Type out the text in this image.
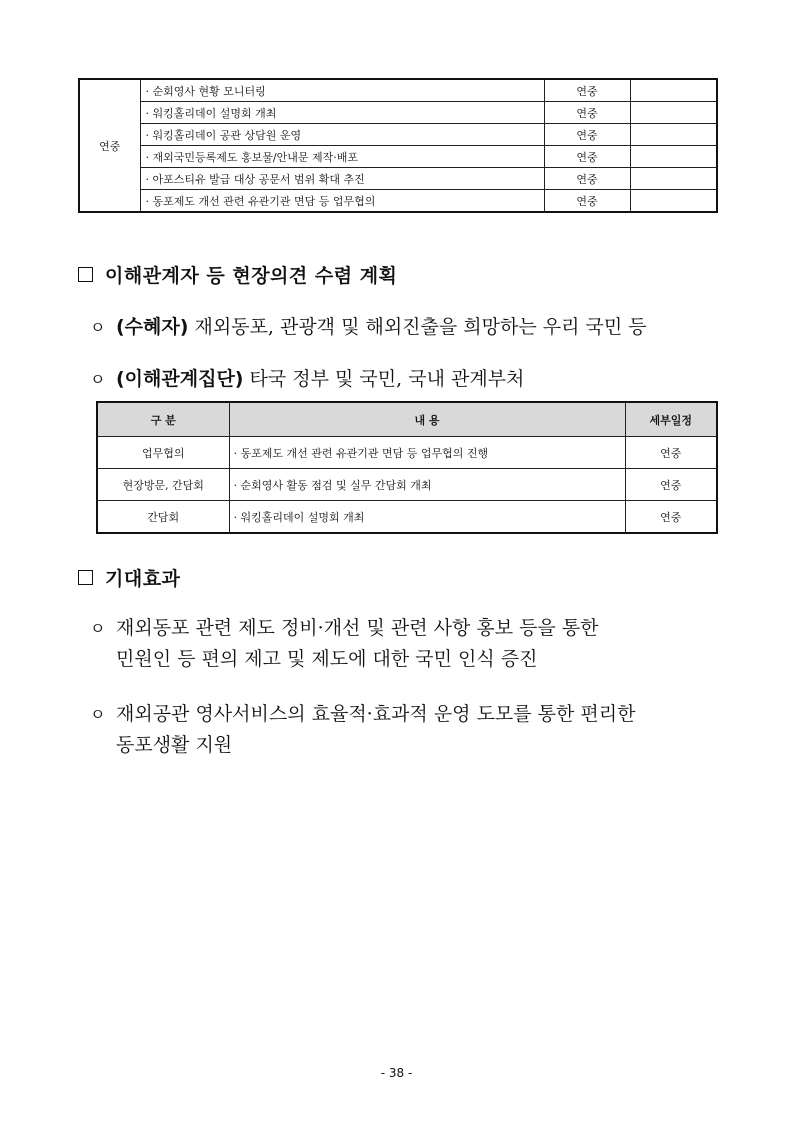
연중	· 순회영사 현황 모니터링	연중	
	· 워킹홀리데이 설명회 개최	연중	
	· 워킹홀리데이 공관 상담원 운영	연중	
	· 재외국민등록제도 홍보물/안내문 제작·배포	연중	
	· 아포스티유 발급 대상 공문서 범위 확대 추진	연중	
	· 동포제도 개선 관련 유관기관 면담 등 업무협의	연중	
이해관계자 등 현장의견 수렴 계획
ㅇ (수혜자) 재외동포, 관광객 및 해외진출을 희망하는 우리 국민 등
ㅇ (이해관계집단) 타국 정부 및 국민, 국내 관계부처
구 분	내 용	세부일정
업무협의	· 동포제도 개선 관련 유관기관 면담 등 업무협의 진행	연중
현장방문, 간담회	· 순회영사 활동 점검 및 실무 간담회 개최	연중
간담회	· 워킹홀리데이 설명회 개최	연중
기대효과
ㅇ 재외동포 관련 제도 정비·개선 및 관련 사항 홍보 등을 통한
민원인 등 편의 제고 및 제도에 대한 국민 인식 증진
ㅇ 재외공관 영사서비스의 효율적·효과적 운영 도모를 통한 편리한
동포생활 지원
- 38 -
